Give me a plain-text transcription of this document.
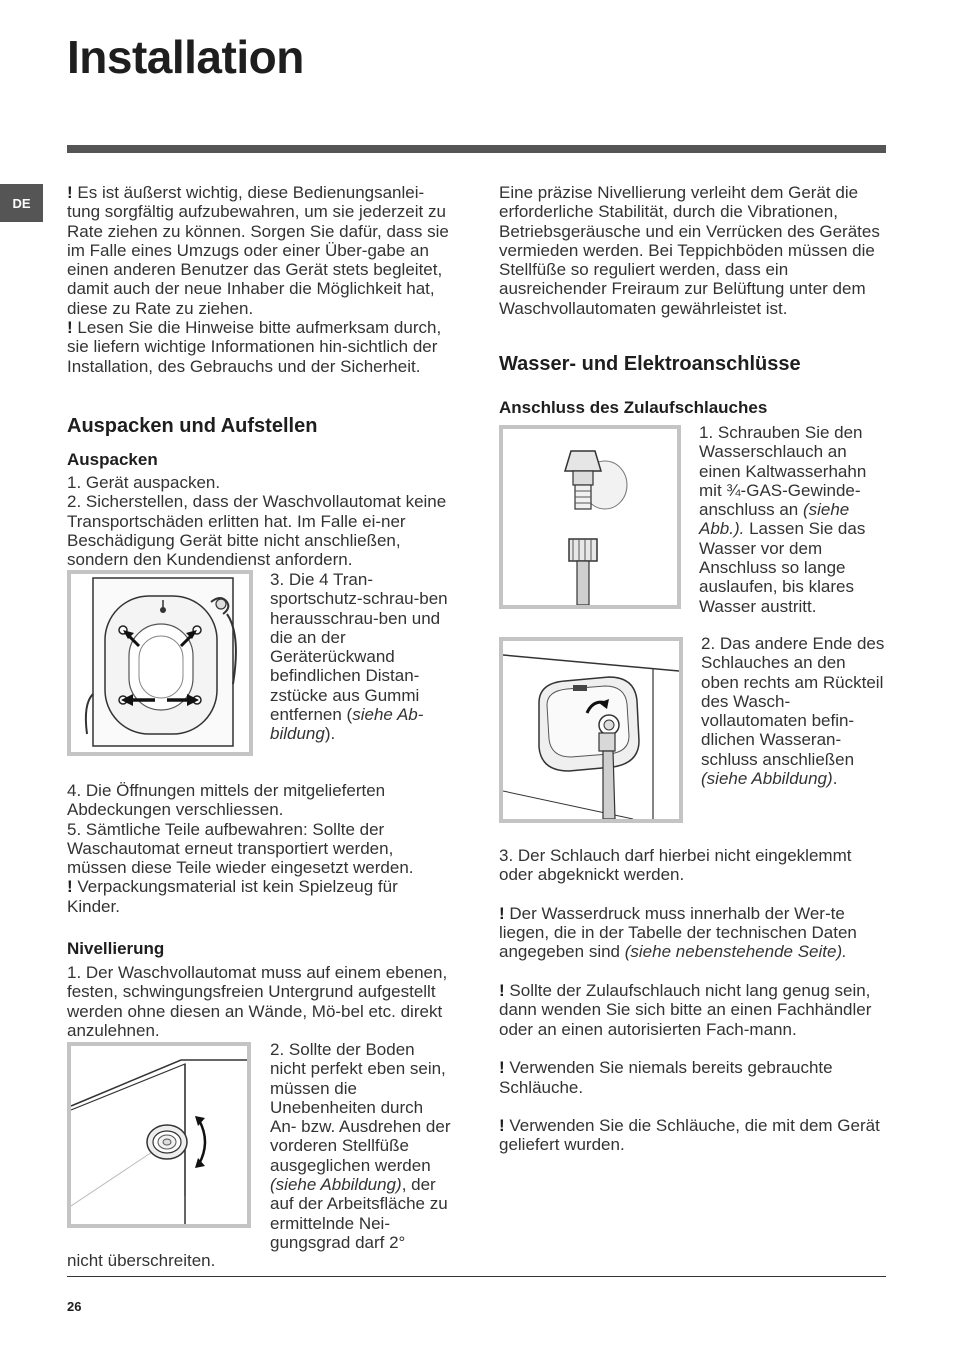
Installation
DE

! Es ist äußerst wichtig, diese Bedienungsanlei-tung sorgfältig aufzubewahren, um sie jederzeit zu Rate ziehen zu können. Sorgen Sie dafür, dass sie im Falle eines Umzugs oder einer Über-gabe an einen anderen Benutzer das Gerät stets begleitet, damit auch der neue Inhaber die Möglichkeit hat, diese zu Rate zu ziehen.

! Lesen Sie die Hinweise bitte aufmerksam durch, sie liefern wichtige Informationen hin-sichtlich der Installation, des Gebrauchs und der Sicherheit.

Auspacken und Aufstellen
Auspacken

1. Gerät auspacken.

2. Sicherstellen, dass der Waschvollautomat keine Transportschäden erlitten hat. Im Falle ei-ner Beschädigung Gerät bitte nicht anschließen, sondern den Kundendienst anfordern.

3. Die 4 Tran-sportschutz-schrau-ben herausschrau-ben und die an der Geräterückwand befindlichen Distan-zstücke aus Gummi entfernen (siehe Ab-bildung).

4. Die Öffnungen mittels der mitgelieferten Abdeckungen verschliessen.

5. Sämtliche Teile aufbewahren: Sollte der Waschautomat erneut transportiert werden, müssen diese Teile wieder eingesetzt werden.

! Verpackungsmaterial ist kein Spielzeug für Kinder.

Nivellierung

1. Der Waschvollautomat muss auf einem ebenen, festen, schwingungsfreien Untergrund aufgestellt werden ohne diesen an Wände, Mö-bel etc. direkt anzulehnen.

2. Sollte der Boden nicht perfekt eben sein, müssen die Unebenheiten durch An- bzw. Ausdrehen der vorderen Stellfüße ausgeglichen werden (siehe Abbildung), der auf der Arbeitsfläche zu ermittelnde Nei-gungsgrad darf 2°

nicht überschreiten.

Eine präzise Nivellierung verleiht dem Gerät die erforderliche Stabilität, durch die Vibrationen, Betriebsgeräusche und ein Verrücken des Gerätes vermieden werden. Bei Teppichböden müssen die Stellfüße so reguliert werden, dass ein ausreichender Freiraum zur Belüftung unter dem Waschvollautomaten gewährleistet ist.

Wasser- und Elektroanschlüsse
Anschluss des Zulaufschlauches

1. Schrauben Sie den Wasserschlauch an einen Kaltwasserhahn mit ¾-GAS-Gewinde-anschluss an (siehe Abb.). Lassen Sie das Wasser vor dem Anschluss so lange auslaufen, bis klares Wasser austritt.

2. Das andere Ende des Schlauches an den oben rechts am Rückteil des Wasch-vollautomaten befin-dlichen Wasseran-schluss anschließen (siehe Abbildung).

3. Der Schlauch darf hierbei nicht eingeklemmt oder abgeknickt werden.

! Der Wasserdruck muss innerhalb der Wer-te liegen, die in der Tabelle der technischen Daten angegeben sind (siehe nebenstehende Seite).

! Sollte der Zulaufschlauch nicht lang genug sein, dann wenden Sie sich bitte an einen Fachhändler oder an einen autorisierten Fach-mann.

! Verwenden Sie niemals bereits gebrauchte Schläuche.

! Verwenden Sie die Schläuche, die mit dem Gerät geliefert wurden.

26
